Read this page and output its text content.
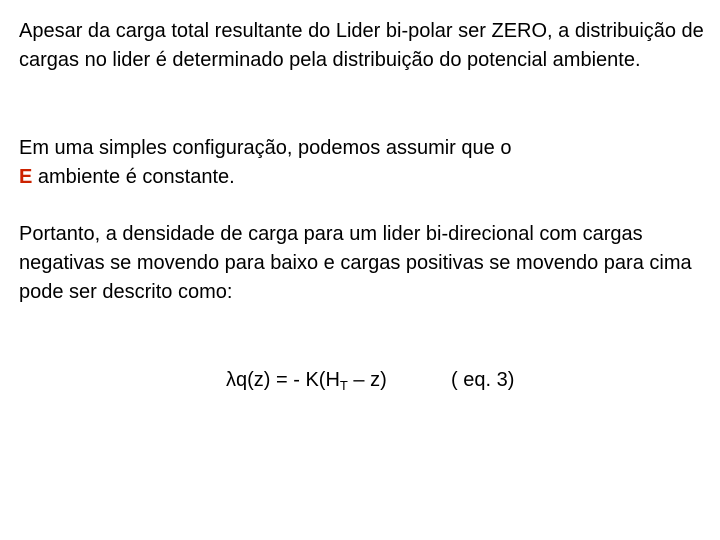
Apesar da carga total resultante do Lider bi-polar ser ZERO, a distribuição de cargas no lider é determinado pela distribuição do potencial ambiente.

Em uma simples configuração, podemos assumir que o
E ambiente é constante.

Portanto, a densidade de carga para um lider bi-direcional com cargas negativas se movendo para baixo e cargas positivas se movendo para cima pode ser descrito como:

λq(z) = - $K(H_T - z)$	( eq. 3)
